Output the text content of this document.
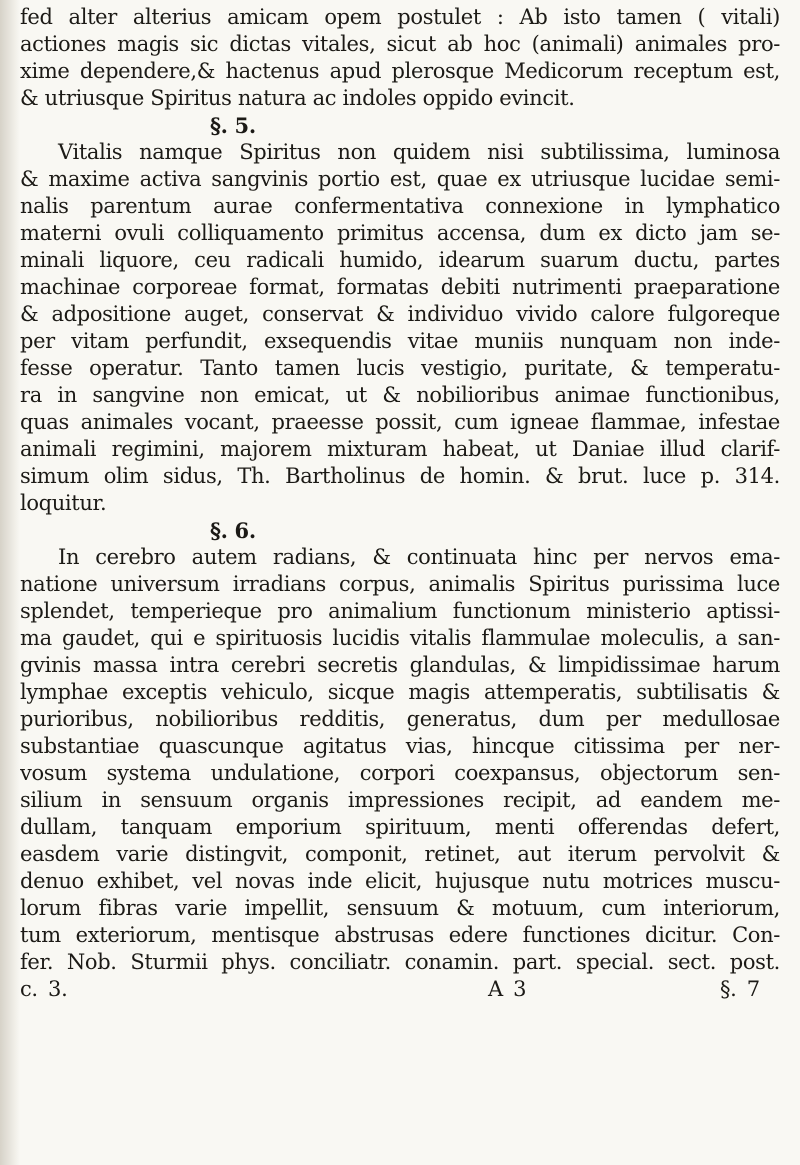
fed alter alterius amicam opem postulet : Ab isto tamen ( vitali)
actiones magis sic dictas vitales, sicut ab hoc (animali) animales pro-
xime dependere,& hactenus apud plerosque Medicorum receptum est,
& utriusque Spiritus natura ac indoles oppido evincit.
§. 5.
Vitalis namque Spiritus non quidem nisi subtilissima, luminosa
& maxime activa sangvinis portio est, quae ex utriusque lucidae semi-
nalis parentum aurae confermentativa connexione in lymphatico
materni ovuli colliquamento primitus accensa, dum ex dicto jam se-
minali liquore, ceu radicali humido, idearum suarum ductu, partes
machinae corporeae format, formatas debiti nutrimenti praeparatione
& adpositione auget, conservat & individuo vivido calore fulgoreque
per vitam perfundit, exsequendis vitae muniis nunquam non inde-
fesse operatur. Tanto tamen lucis vestigio, puritate, & temperatu-
ra in sangvine non emicat, ut & nobilioribus animae functionibus,
quas animales vocant, praeesse possit, cum igneae flammae, infestae
animali regimini, majorem mixturam habeat, ut Daniae illud clarif-
simum olim sidus, Th. Bartholinus de homin. & brut. luce p. 314.
loquitur.
§. 6.
In cerebro autem radians, & continuata hinc per nervos ema-
natione universum irradians corpus, animalis Spiritus purissima luce
splendet, temperieque pro animalium functionum ministerio aptissi-
ma gaudet, qui e spirituosis lucidis vitalis flammulae moleculis, a san-
gvinis massa intra cerebri secretis glandulas, & limpidissimae harum
lymphae exceptis vehiculo, sicque magis attemperatis, subtilisatis &
purioribus, nobilioribus redditis, generatus, dum per medullosae
substantiae quascunque agitatus vias, hincque citissima per ner-
vosum systema undulatione, corpori coexpansus, objectorum sen-
silium in sensuum organis impressiones recipit, ad eandem me-
dullam, tanquam emporium spirituum, menti offerendas defert,
easdem varie distingvit, componit, retinet, aut iterum pervolvit &
denuo exhibet, vel novas inde elicit, hujusque nutu motrices muscu-
lorum fibras varie impellit, sensuum & motuum, cum interiorum,
tum exteriorum, mentisque abstrusas edere functiones dicitur. Con-
fer. Nob. Sturmii phys. conciliatr. conamin. part. special. sect. post.
c. 3.	A 3	§. 7
